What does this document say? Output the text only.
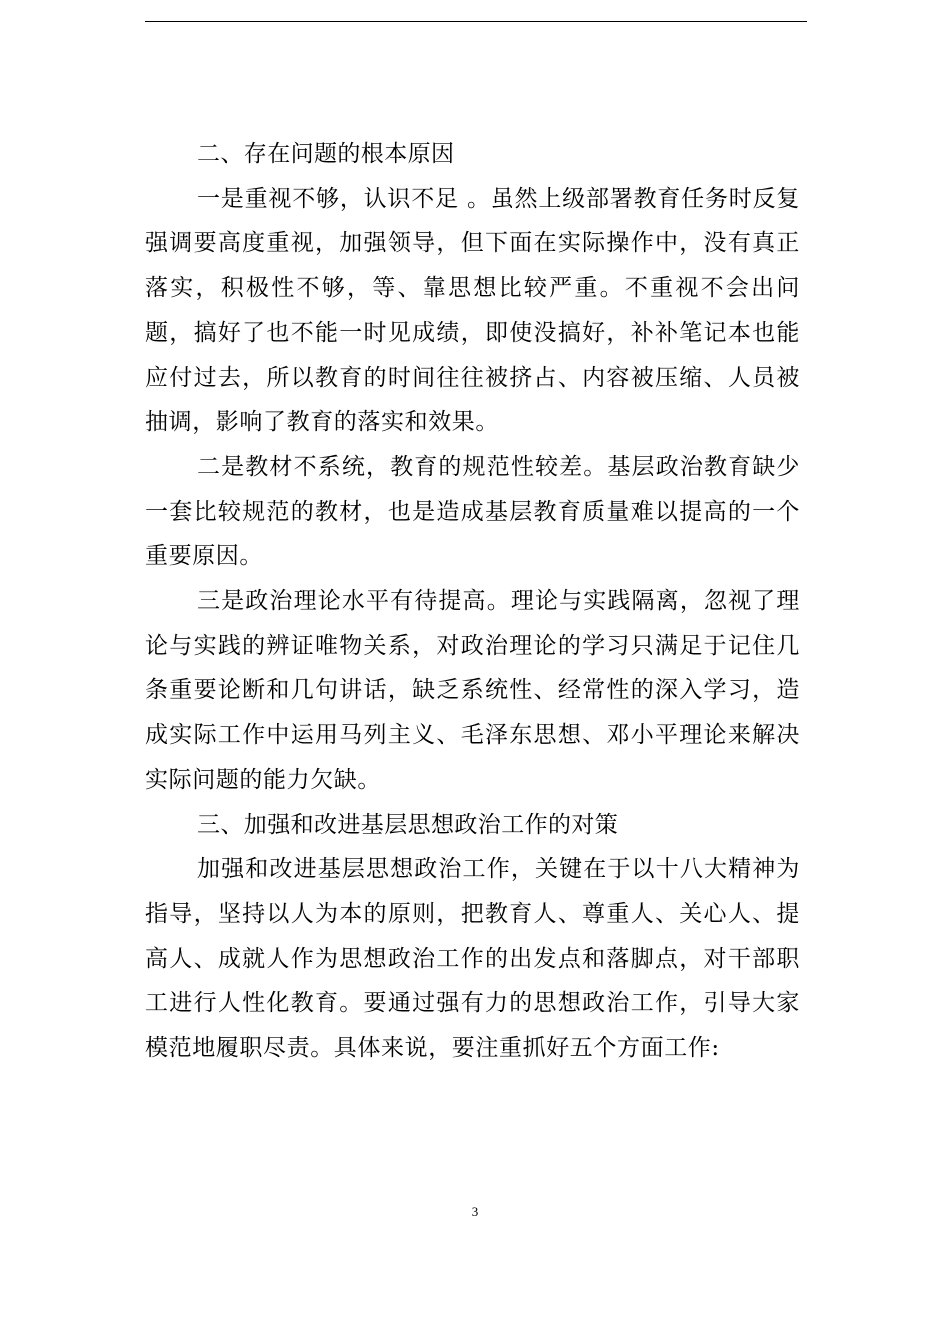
二、存在问题的根本原因

一是重视不够，认识不足 。虽然上级部署教育任务时反复强调要高度重视，加强领导，但下面在实际操作中，没有真正落实，积极性不够，等、靠思想比较严重。不重视不会出问题，搞好了也不能一时见成绩，即使没搞好，补补笔记本也能应付过去，所以教育的时间往往被挤占、内容被压缩、人员被抽调，影响了教育的落实和效果。

二是教材不系统，教育的规范性较差。基层政治教育缺少一套比较规范的教材，也是造成基层教育质量难以提高的一个重要原因。

三是政治理论水平有待提高。理论与实践隔离，忽视了理论与实践的辨证唯物关系，对政治理论的学习只满足于记住几条重要论断和几句讲话，缺乏系统性、经常性的深入学习，造成实际工作中运用马列主义、毛泽东思想、邓小平理论来解决实际问题的能力欠缺。

三、加强和改进基层思想政治工作的对策

加强和改进基层思想政治工作，关键在于以十八大精神为指导，坚持以人为本的原则，把教育人、尊重人、关心人、提高人、成就人作为思想政治工作的出发点和落脚点，对干部职工进行人性化教育。要通过强有力的思想政治工作，引导大家模范地履职尽责。具体来说，要注重抓好五个方面工作:

3
